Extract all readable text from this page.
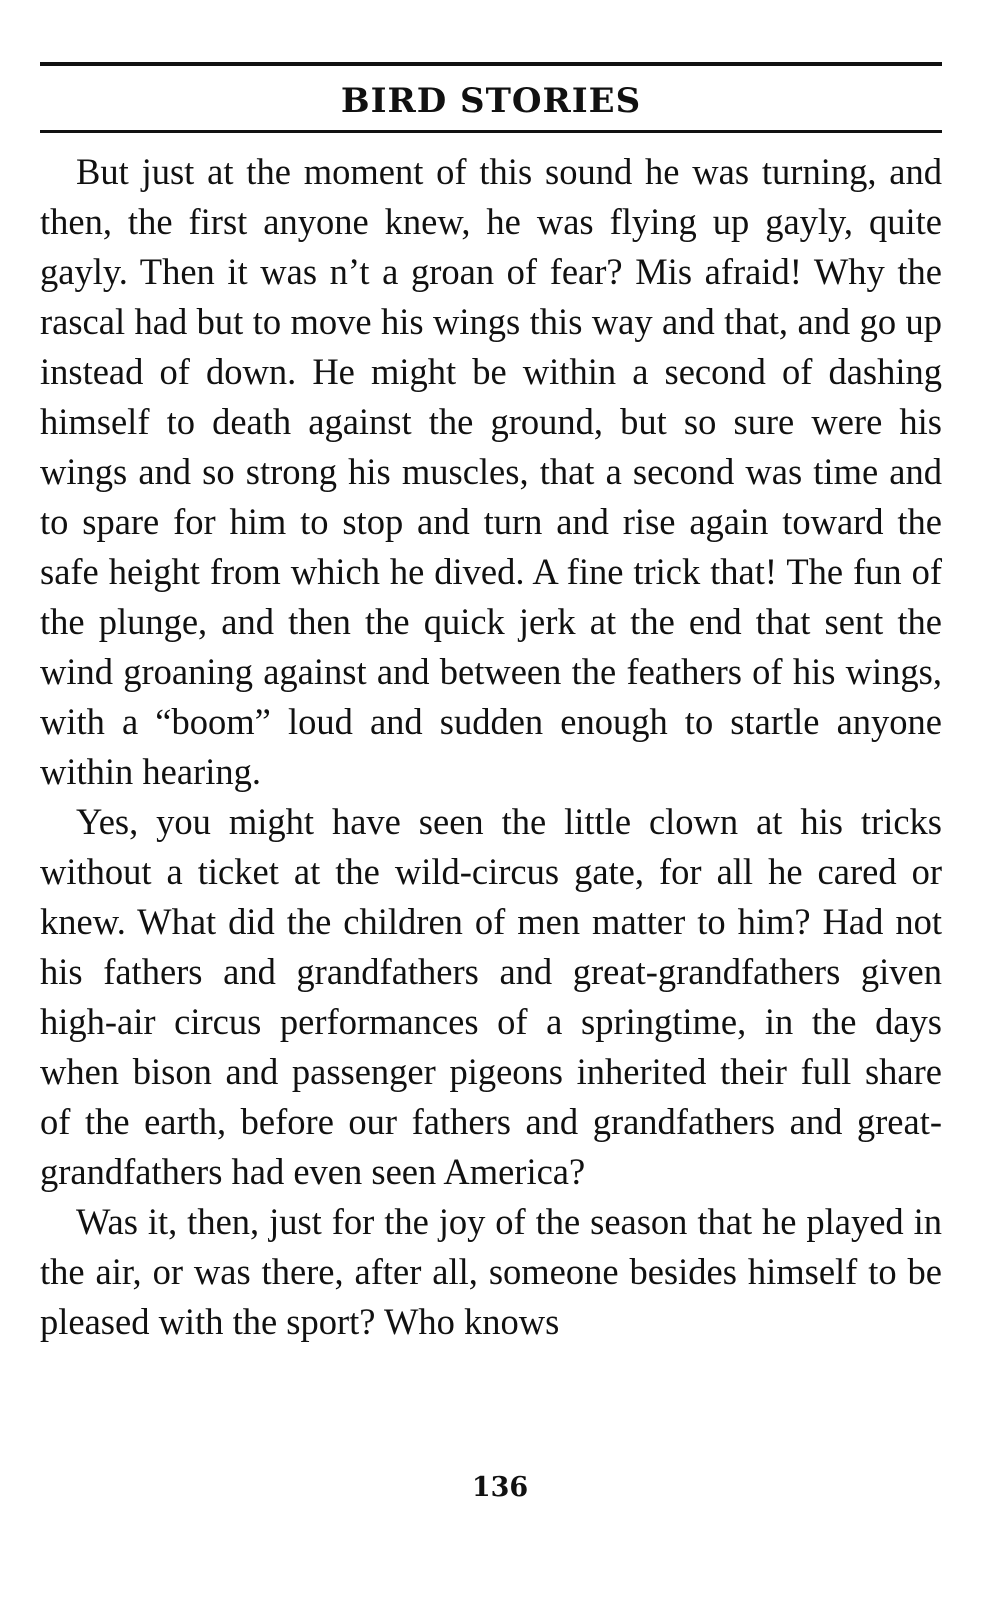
BIRD STORIES

But just at the moment of this sound he was turning, and then, the first anyone knew, he was flying up gayly, quite gayly. Then it was n’t a groan of fear? Mis afraid! Why the rascal had but to move his wings this way and that, and go up instead of down. He might be within a second of dashing himself to death against the ground, but so sure were his wings and so strong his muscles, that a second was time and to spare for him to stop and turn and rise again toward the safe height from which he dived. A fine trick that! The fun of the plunge, and then the quick jerk at the end that sent the wind groaning against and between the feathers of his wings, with a “boom” loud and sudden enough to startle anyone within hearing.

Yes, you might have seen the little clown at his tricks without a ticket at the wild-circus gate, for all he cared or knew. What did the children of men matter to him? Had not his fathers and grandfathers and great-grandfathers given high-air circus performances of a springtime, in the days when bison and passenger pigeons inherited their full share of the earth, before our fathers and grandfathers and great-grandfathers had even seen America?

Was it, then, just for the joy of the season that he played in the air, or was there, after all, someone besides himself to be pleased with the sport? Who knows

136
